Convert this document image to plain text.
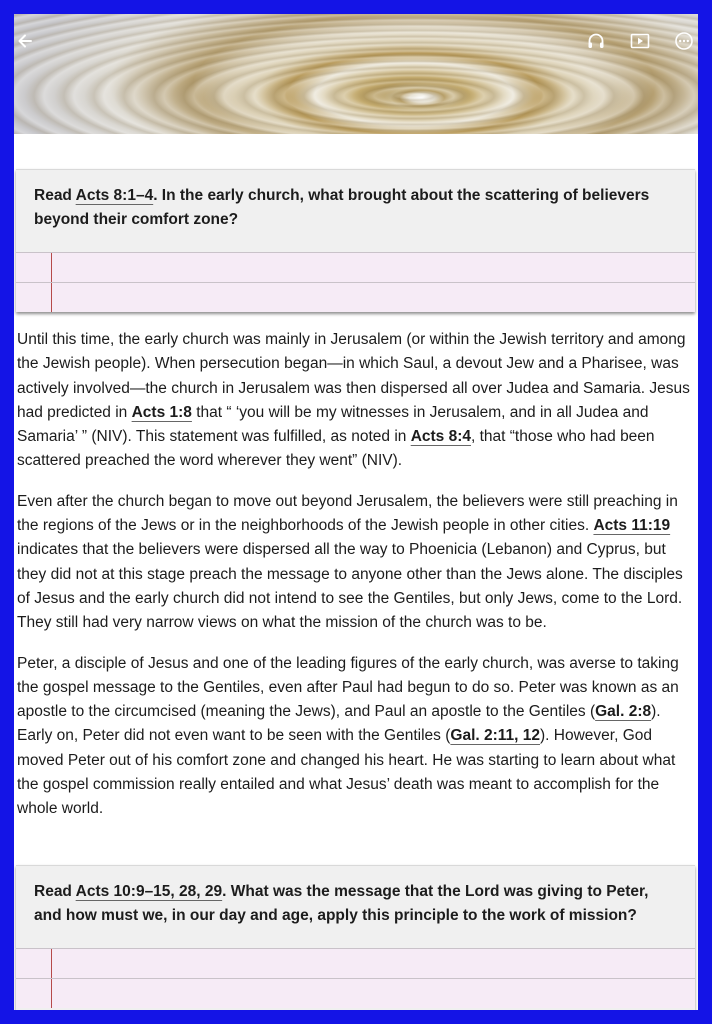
Read Acts 8:1–4. In the early church, what brought about the scattering of believers beyond their comfort zone?

Until this time, the early church was mainly in Jerusalem (or within the Jewish territory and among the Jewish people). When persecution began—in which Saul, a devout Jew and a Pharisee, was actively involved—the church in Jerusalem was then dispersed all over Judea and Samaria. Jesus had predicted in Acts 1:8 that “ ‘you will be my witnesses in Jerusalem, and in all Judea and Samaria’ ” (NIV). This statement was fulfilled, as noted in Acts 8:4, that “those who had been scattered preached the word wherever they went” (NIV).

Even after the church began to move out beyond Jerusalem, the believers were still preaching in the regions of the Jews or in the neighborhoods of the Jewish people in other cities. Acts 11:19 indicates that the believers were dispersed all the way to Phoenicia (Lebanon) and Cyprus, but they did not at this stage preach the message to anyone other than the Jews alone. The disciples of Jesus and the early church did not intend to see the Gentiles, but only Jews, come to the Lord. They still had very narrow views on what the mission of the church was to be.

Peter, a disciple of Jesus and one of the leading figures of the early church, was averse to taking the gospel message to the Gentiles, even after Paul had begun to do so. Peter was known as an apostle to the circumcised (meaning the Jews), and Paul an apostle to the Gentiles (Gal. 2:8). Early on, Peter did not even want to be seen with the Gentiles (Gal. 2:11, 12). However, God moved Peter out of his comfort zone and changed his heart. He was starting to learn about what the gospel commission really entailed and what Jesus’ death was meant to accomplish for the whole world.

Read Acts 10:9–15, 28, 29. What was the message that the Lord was giving to Peter, and how must we, in our day and age, apply this principle to the work of mission?
